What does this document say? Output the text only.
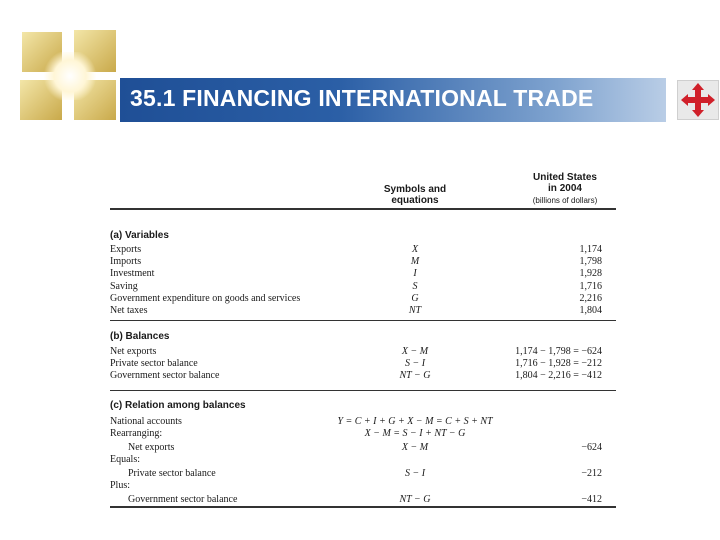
35.1 FINANCING INTERNATIONAL TRADE
Symbols and
equations
United States
in 2004
(billions of dollars)
(a) Variables
Exports	X	1,174
Imports	M	1,798
Investment	I	1,928
Saving	S	1,716
Government expenditure on goods and services	G	2,216
Net taxes	NT	1,804
(b) Balances
Net exports	X − M	1,174 − 1,798 = −624
Private sector balance	S − I	1,716 − 1,928 = −212
Government sector balance	NT − G	1,804 − 2,216 = −412
(c) Relation among balances
National accounts	Y = C + I + G + X − M = C + S + NT
Rearranging:	X − M = S − I + NT − G
Net exports	X − M	−624
Equals:
Private sector balance	S − I	−212
Plus:
Government sector balance	NT − G	−412
